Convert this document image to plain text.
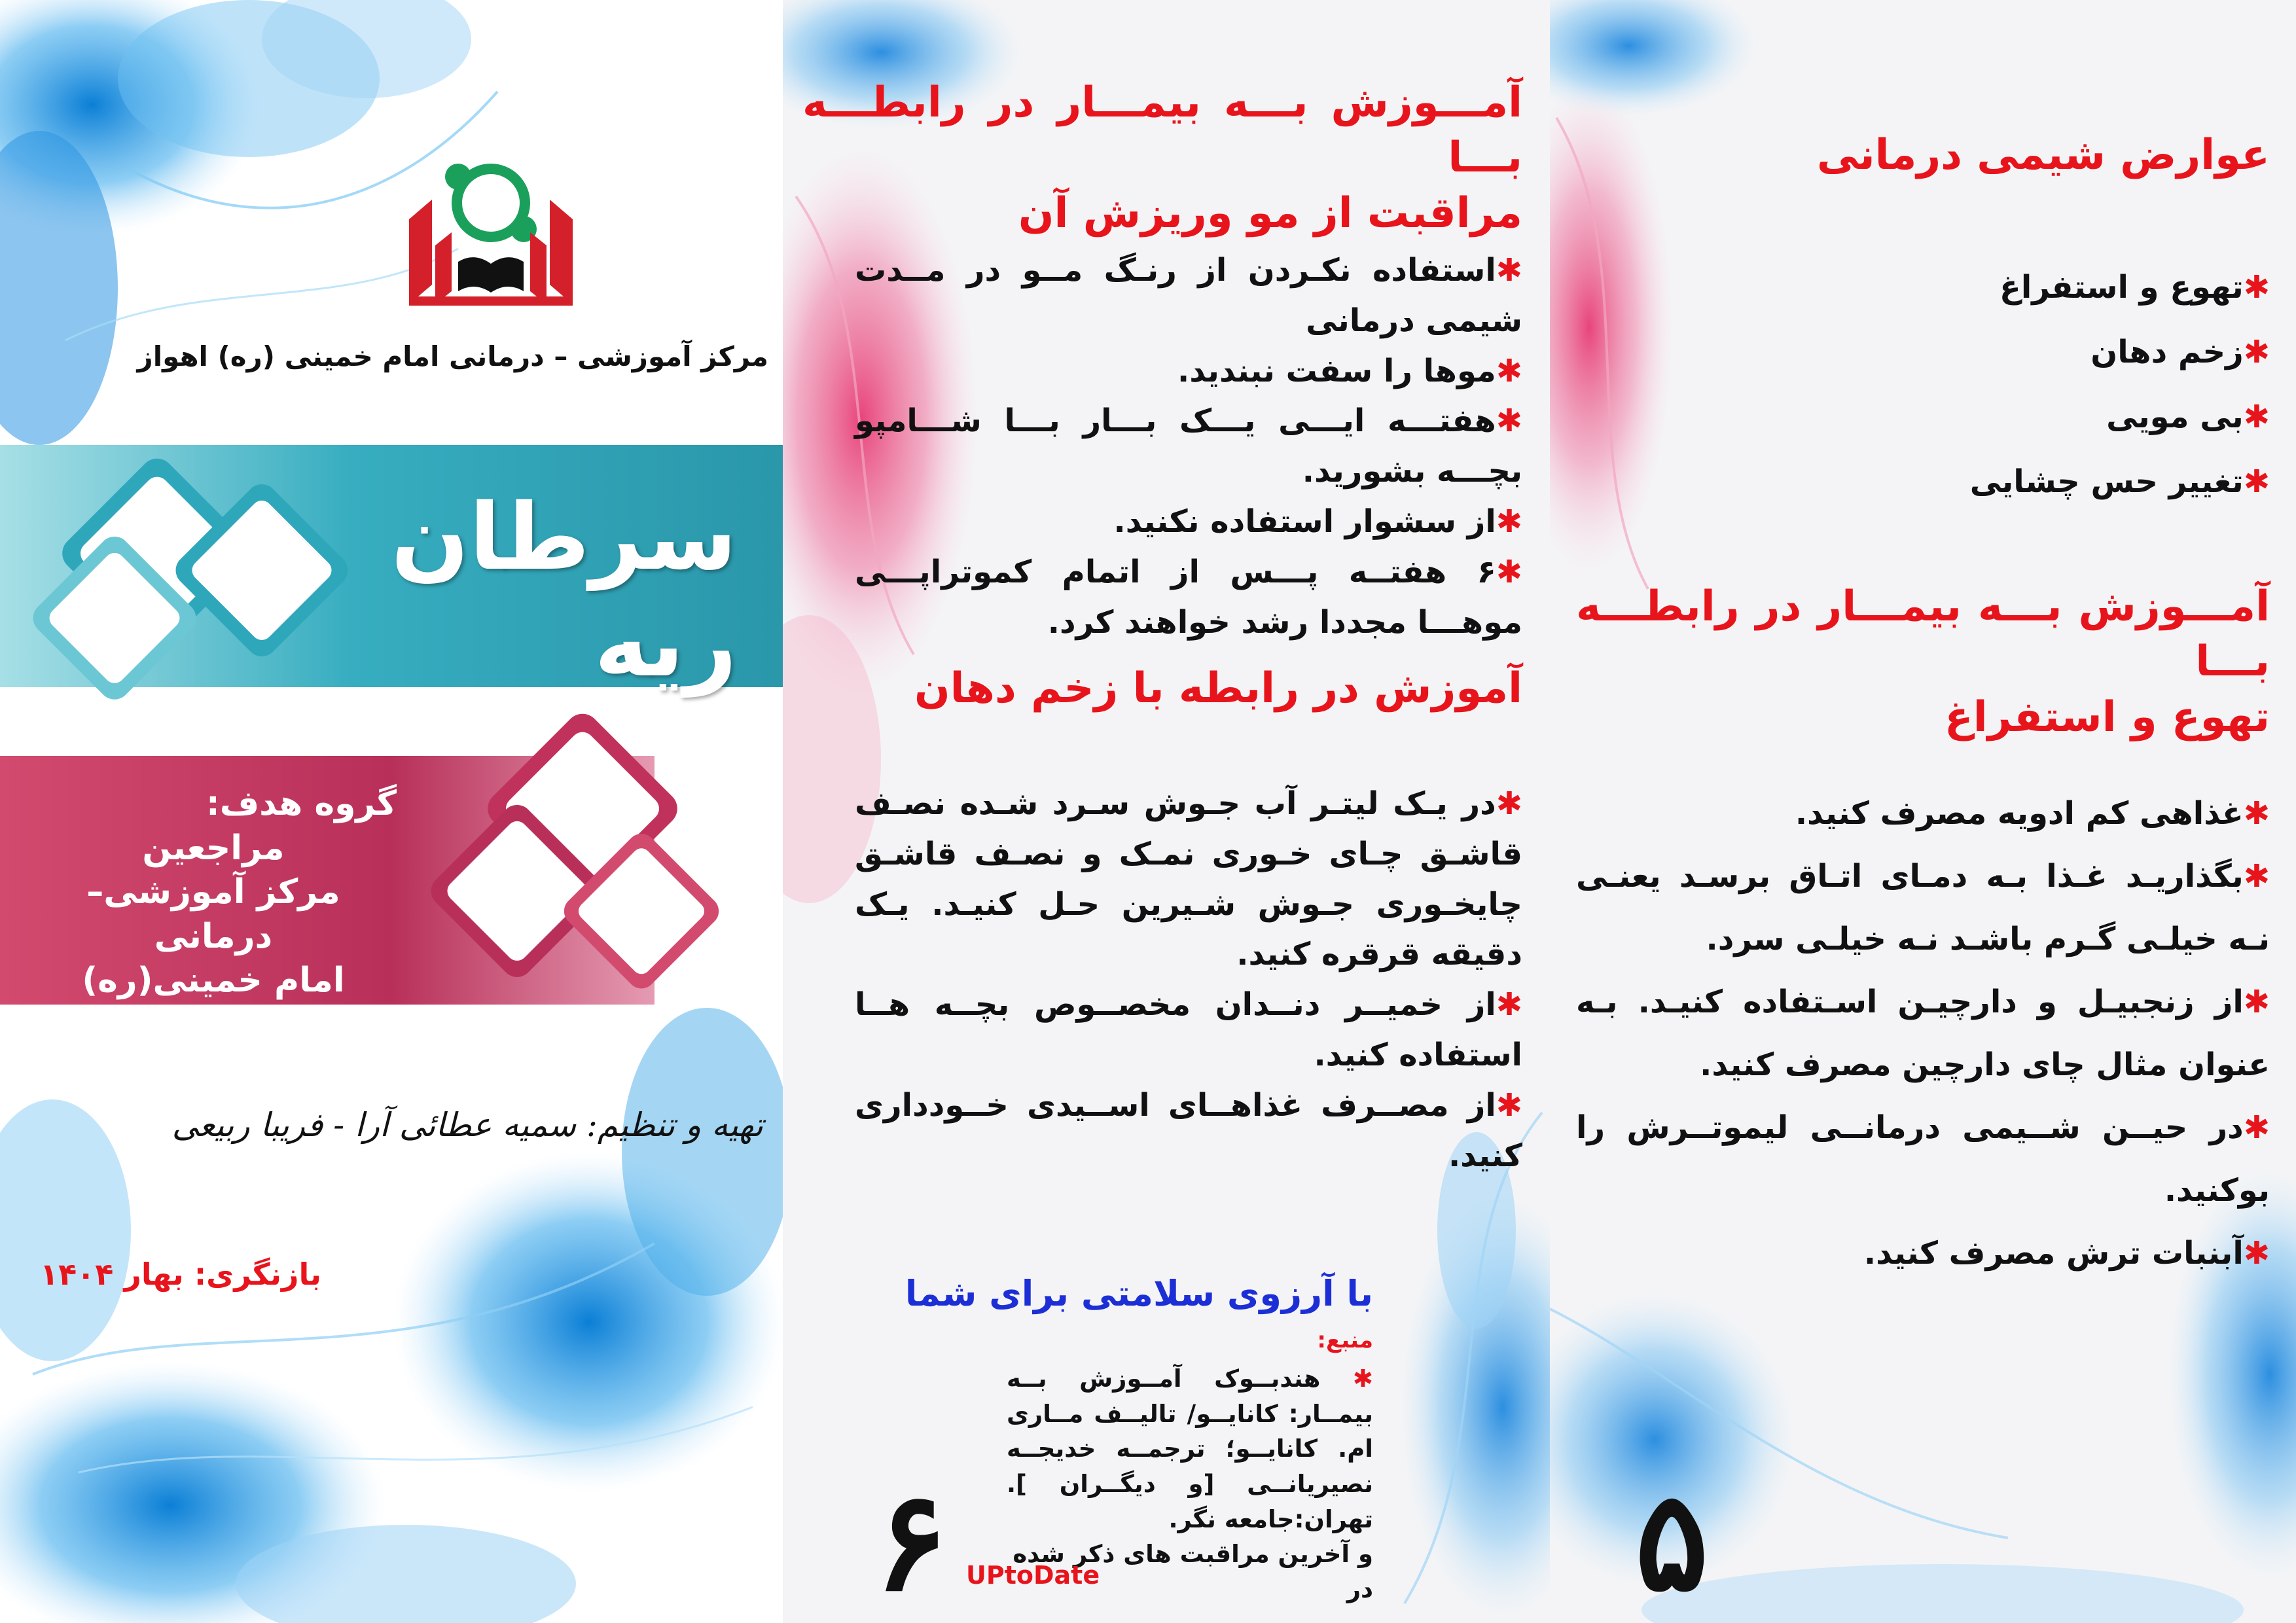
مرکز آموزشی – درمانی امام خمینی (ره) اهواز
سرطان ریه
گروه هدف:
مراجعین
مرکز آموزشی–درمانی
امام خمینی(ره)
تهیه و تنظیم: سمیه عطائی آرا - فریبا ربیعی
بازنگری: بهار ۱۴۰۴
آمـــوزش بـــه بیمـــار در رابطـــه بـــا
مراقبت از مو وریزش آن
✱استفاده نکـردن از رنـگ مــو در مــدت شیمی درمانی
✱موها را سفت نبندید.
✱هفتـــه ایـــی یـــک بـــار بـــا شـــامپو بچـــه بشورید.
✱از سشوار استفاده نکنید.
✱۶ هفتــه پـــس از اتمام کموتراپـــی موهـــا مجددا رشد خواهند کرد.
آموزش در رابطه با زخم دهان
✱در یـک لیتـر آب جـوش سـرد شـده نصـف قاشـق چـای خـوری نمـک و نصـف قاشـق چایخـوری جـوش شـیرین حـل کنیـد. یـک دقیقه قرقره کنید.
✱از خمیــر دنــدان مخصــوص بچــه هــا استفاده کنید.
✱از مصــرف غذاهــای اســیدی خــودداری کنید.
با آرزوی سلامتی برای شما
منبع:
✱ هندبــوک آمــوزش بــه بیمــار: کانایــو/ تالیــف مــاری ام. کانایــو؛ ترجمــه خدیجــه نصیریانــی [و دیگــران ]. تهران:جامعه نگر.
و آخرین مراقبت های ذکر شده در
UPtoDate
۶
عوارض شیمی درمانی
✱تهوع و استفراغ
✱زخم دهان
✱بی مویی
✱تغییر حس چشایی
آمـــوزش بـــه بیمـــار در رابطـــه بـــا
تهوع و استفراغ
✱غذاهی کم ادویه مصرف کنید.
✱بگذاریـد غـذا بـه دمـای اتـاق برسـد یعنـی نـه خیلـی گـرم باشـد نـه خیلـی سرد.
✱از زنجبیـل و دارچیـن اسـتفاده کنیـد. بـه عنوان مثال چای دارچین مصرف کنید.
✱در حیــن شــیمی درمانــی لیموتــرش را بوکنید.
✱آبنبات ترش مصرف کنید.
۵
